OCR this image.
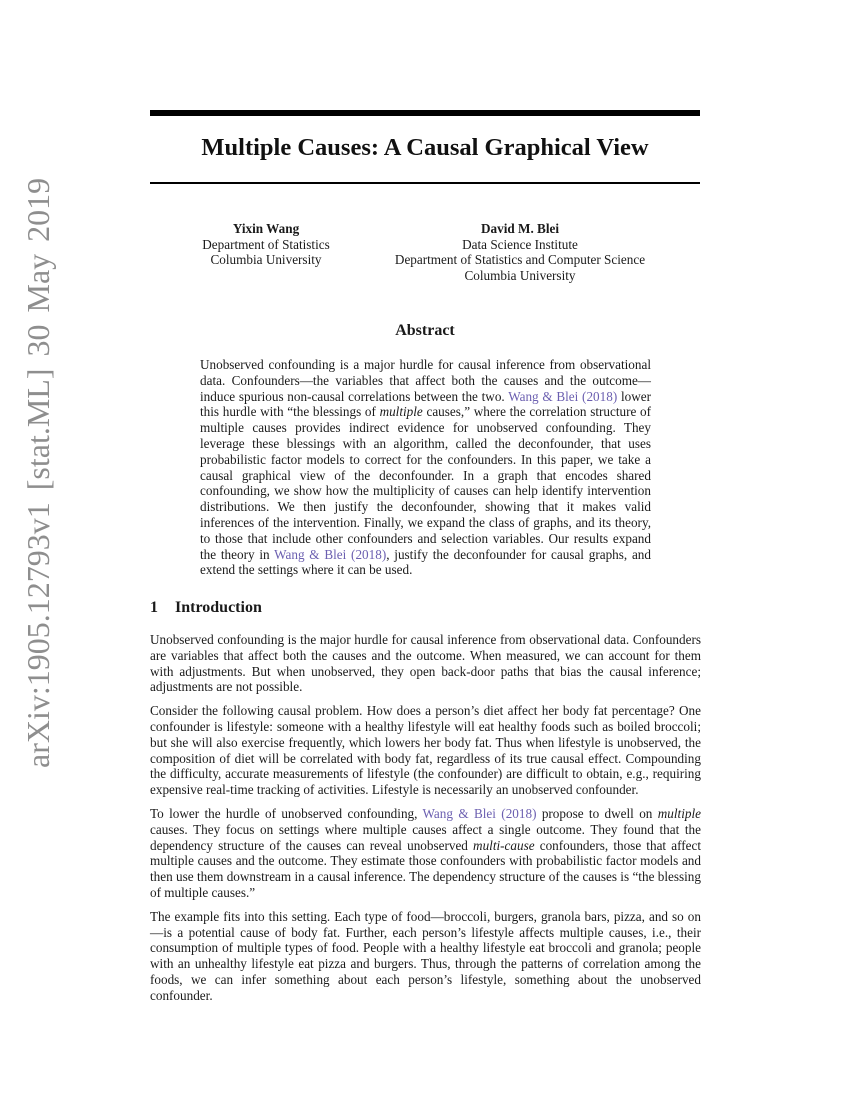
arXiv:1905.12793v1 [stat.ML] 30 May 2019
Multiple Causes: A Causal Graphical View
Yixin Wang
Department of Statistics
Columbia University
David M. Blei
Data Science Institute
Department of Statistics and Computer Science
Columbia University
Abstract
Unobserved confounding is a major hurdle for causal inference from observational data. Confounders—the variables that affect both the causes and the outcome—induce spurious non-causal correlations between the two. Wang & Blei (2018) lower this hurdle with “the blessings of multiple causes,” where the correlation structure of multiple causes provides indirect evidence for unobserved confounding. They leverage these blessings with an algorithm, called the deconfounder, that uses probabilistic factor models to correct for the confounders. In this paper, we take a causal graphical view of the deconfounder. In a graph that encodes shared confounding, we show how the multiplicity of causes can help identify intervention distributions. We then justify the deconfounder, showing that it makes valid inferences of the intervention. Finally, we expand the class of graphs, and its theory, to those that include other confounders and selection variables. Our results expand the theory in Wang & Blei (2018), justify the deconfounder for causal graphs, and extend the settings where it can be used.
1 Introduction

Unobserved confounding is the major hurdle for causal inference from observational data. Confounders are variables that affect both the causes and the outcome. When measured, we can account for them with adjustments. But when unobserved, they open back-door paths that bias the causal inference; adjustments are not possible.

Consider the following causal problem. How does a person’s diet affect her body fat percentage? One confounder is lifestyle: someone with a healthy lifestyle will eat healthy foods such as boiled broccoli; but she will also exercise frequently, which lowers her body fat. Thus when lifestyle is unobserved, the composition of diet will be correlated with body fat, regardless of its true causal effect. Compounding the difficulty, accurate measurements of lifestyle (the confounder) are difficult to obtain, e.g., requiring expensive real-time tracking of activities. Lifestyle is necessarily an unobserved confounder.

To lower the hurdle of unobserved confounding, Wang & Blei (2018) propose to dwell on multiple causes. They focus on settings where multiple causes affect a single outcome. They found that the dependency structure of the causes can reveal unobserved multi-cause confounders, those that affect multiple causes and the outcome. They estimate those confounders with probabilistic factor models and then use them downstream in a causal inference. The dependency structure of the causes is “the blessing of multiple causes.”

The example fits into this setting. Each type of food—broccoli, burgers, granola bars, pizza, and so on—is a potential cause of body fat. Further, each person’s lifestyle affects multiple causes, i.e., their consumption of multiple types of food. People with a healthy lifestyle eat broccoli and granola; people with an unhealthy lifestyle eat pizza and burgers. Thus, through the patterns of correlation among the foods, we can infer something about each person’s lifestyle, something about the unobserved confounder.
